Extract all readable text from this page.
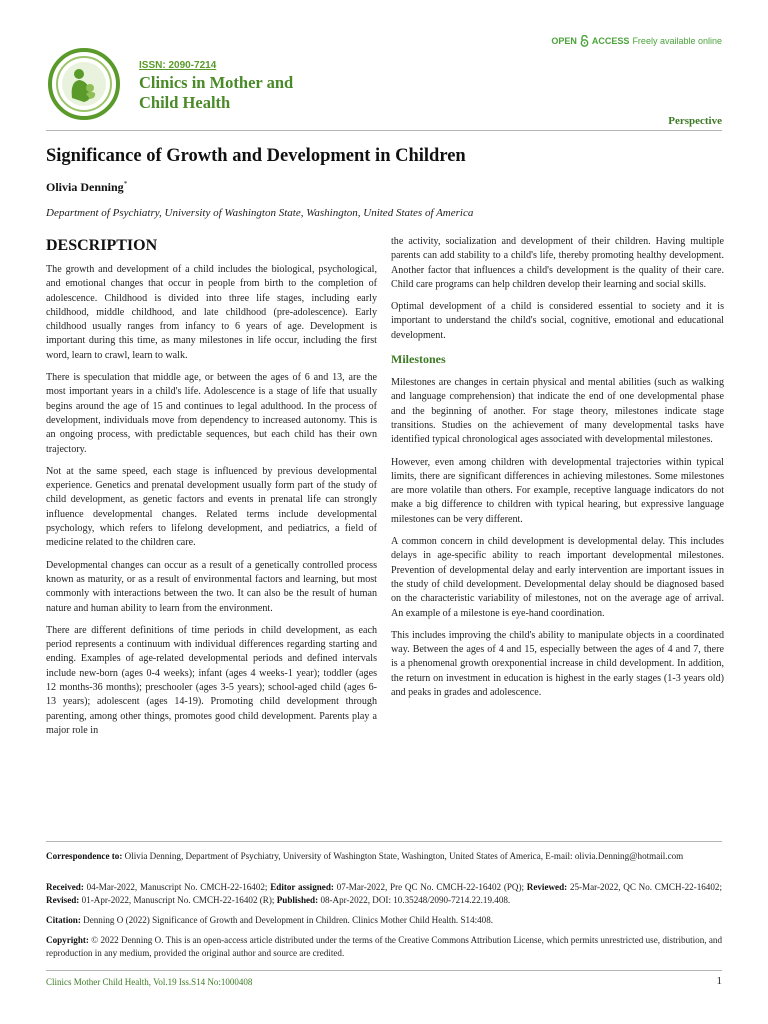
ISSN: 2090-7214
Clinics in Mother and
Child Health
OPEN ACCESS Freely available online
Perspective
Significance of Growth and Development in Children
Olivia Denning*
Department of Psychiatry, University of Washington State, Washington, United States of America
DESCRIPTION

The growth and development of a child includes the biological, psychological, and emotional changes that occur in people from birth to the completion of adolescence. Childhood is divided into three life stages, including early childhood, middle childhood, and late childhood (pre-adolescence). Early childhood usually ranges from infancy to 6 years of age. Development is important during this time, as many milestones in life occur, including the first word, learn to crawl, learn to walk.

There is speculation that middle age, or between the ages of 6 and 13, are the most important years in a child's life. Adolescence is a stage of life that usually begins around the age of 15 and continues to legal adulthood. In the process of development, individuals move from dependency to increased autonomy. This is an ongoing process, with predictable sequences, but each child has their own trajectory.

Not at the same speed, each stage is influenced by previous developmental experience. Genetics and prenatal development usually form part of the study of child development, as genetic factors and events in prenatal life can strongly influence developmental changes. Related terms include developmental psychology, which refers to lifelong development, and pediatrics, a field of medicine related to the children care.

Developmental changes can occur as a result of a genetically controlled process known as maturity, or as a result of environmental factors and learning, but most commonly with interactions between the two. It can also be the result of human nature and human ability to learn from the environment.

There are different definitions of time periods in child development, as each period represents a continuum with individual differences regarding starting and ending. Examples of age-related developmental periods and defined intervals include new-born (ages 0-4 weeks); infant (ages 4 weeks-1 year); toddler (ages 12 months-36 months); preschooler (ages 3-5 years); school-aged child (ages 6-13 years); adolescent (ages 14-19). Promoting child development through parenting, among other things, promotes good child development. Parents play a major role in

the activity, socialization and development of their children. Having multiple parents can add stability to a child's life, thereby promoting healthy development. Another factor that influences a child's development is the quality of their care. Child care programs can help children develop their learning and social skills.

Optimal development of a child is considered essential to society and it is important to understand the child's social, cognitive, emotional and educational development.

Milestones

Milestones are changes in certain physical and mental abilities (such as walking and language comprehension) that indicate the end of one developmental phase and the beginning of another. For stage theory, milestones indicate stage transitions. Studies on the achievement of many developmental tasks have identified typical chronological ages associated with developmental milestones.

However, even among children with developmental trajectories within typical limits, there are significant differences in achieving milestones. Some milestones are more volatile than others. For example, receptive language indicators do not make a big difference to children with typical hearing, but expressive language milestones can be very different.

A common concern in child development is developmental delay. This includes delays in age-specific ability to reach important developmental milestones. Prevention of developmental delay and early intervention are important issues in the study of child development. Developmental delay should be diagnosed based on the characteristic variability of milestones, not on the average age of arrival. An example of a milestone is eye-hand coordination.

This includes improving the child's ability to manipulate objects in a coordinated way. Between the ages of 4 and 15, especially between the ages of 4 and 7, there is a phenomenal growth orexponential increase in child development. In addition, the return on investment in education is highest in the early stages (1-3 years old) and peaks in grades and adolescence.

Correspondence to: Olivia Denning, Department of Psychiatry, University of Washington State, Washington, United States of America, E-mail: olivia.Denning@hotmail.com
Received: 04-Mar-2022, Manuscript No. CMCH-22-16402; Editor assigned: 07-Mar-2022, Pre QC No. CMCH-22-16402 (PQ); Reviewed: 25-Mar-2022, QC No. CMCH-22-16402; Revised: 01-Apr-2022, Manuscript No. CMCH-22-16402 (R); Published: 08-Apr-2022, DOI: 10.35248/2090-7214.22.19.408.
Citation: Denning O (2022) Significance of Growth and Development in Children. Clinics Mother Child Health. S14:408.
Copyright: © 2022 Denning O. This is an open-access article distributed under the terms of the Creative Commons Attribution License, which permits unrestricted use, distribution, and reproduction in any medium, provided the original author and source are credited.
Clinics Mother Child Health, Vol.19 Iss.S14 No:1000408	1
